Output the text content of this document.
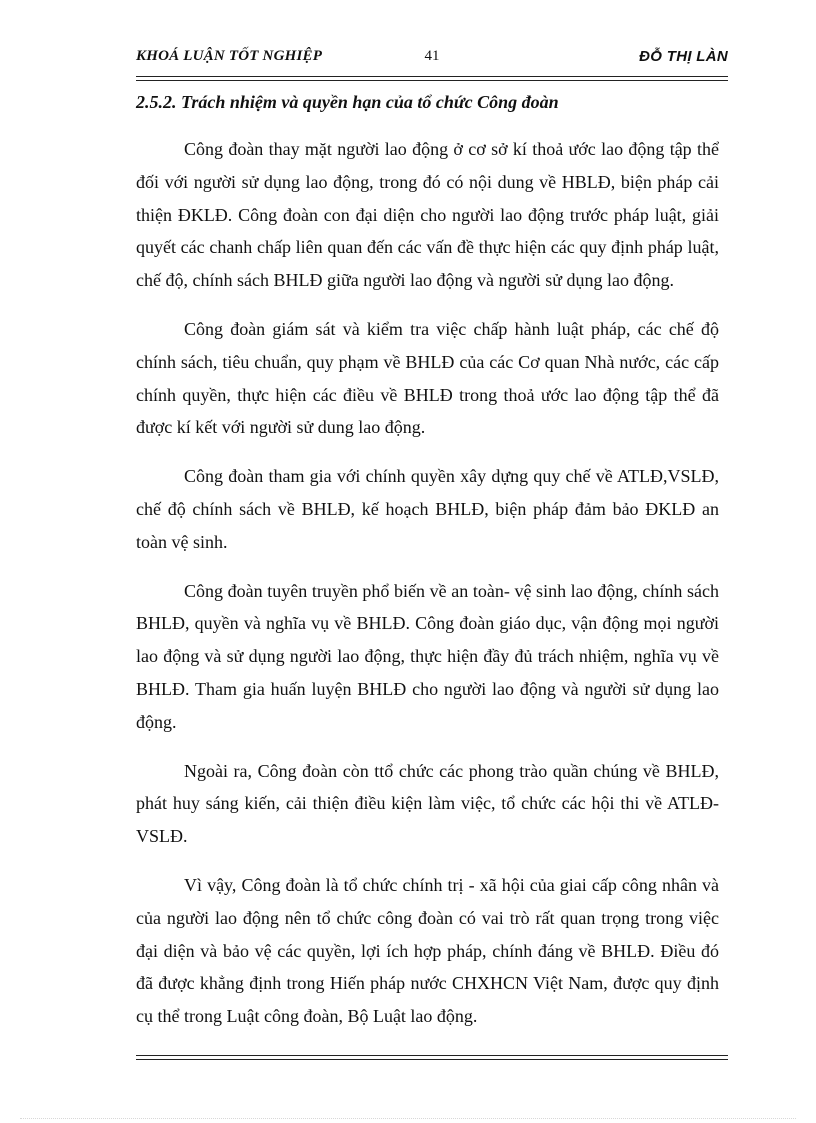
KHOÁ LUẬN TỐT NGHIỆP	41	ĐỖ THỊ LÀN
2.5.2. Trách nhiệm và quyền hạn của tổ chức Công đoàn

Công đoàn thay mặt người lao động ở cơ sở kí thoả ước lao động tập thể đối với người sử dụng lao động, trong đó có nội dung về HBLĐ, biện pháp cải thiện ĐKLĐ. Công đoàn con đại diện cho người lao động trước pháp luật, giải quyết các chanh chấp liên quan đến các vấn đề thực hiện các quy định pháp luật, chế độ, chính sách BHLĐ giữa người lao động và người sử dụng lao động.

Công đoàn giám sát và kiểm tra việc chấp hành luật pháp, các chế độ chính sách, tiêu chuẩn, quy phạm về BHLĐ của các Cơ quan Nhà nước, các cấp chính quyền, thực hiện các điều về BHLĐ trong thoả ước lao động tập thể đã được kí kết với người sử dung lao động.

Công đoàn tham gia với chính quyền xây dựng quy chế về ATLĐ,VSLĐ, chế độ chính sách về BHLĐ, kế hoạch BHLĐ, biện pháp đảm bảo ĐKLĐ an toàn vệ sinh.

Công đoàn tuyên truyền phổ biến về an toàn- vệ sinh lao động, chính sách BHLĐ, quyền và nghĩa vụ về BHLĐ. Công đoàn giáo dục, vận động mọi người lao động và sử dụng người lao động, thực hiện đầy đủ trách nhiệm, nghĩa vụ về BHLĐ. Tham gia huấn luyện BHLĐ cho người lao động và người sử dụng lao động.

Ngoài ra, Công đoàn còn ttổ chức các phong trào quần chúng về BHLĐ, phát huy sáng kiến, cải thiện điều kiện làm việc, tổ chức các hội thi về ATLĐ-VSLĐ.

Vì vậy, Công đoàn là tổ chức chính trị - xã hội của giai cấp công nhân và của người lao động nên tổ chức công đoàn có vai trò rất quan trọng trong việc đại diện và bảo vệ các quyền, lợi ích hợp pháp, chính đáng về BHLĐ. Điều đó đã được khẳng định trong Hiến pháp nước CHXHCN Việt Nam, được quy định cụ thể trong Luật công đoàn, Bộ Luật lao động.
